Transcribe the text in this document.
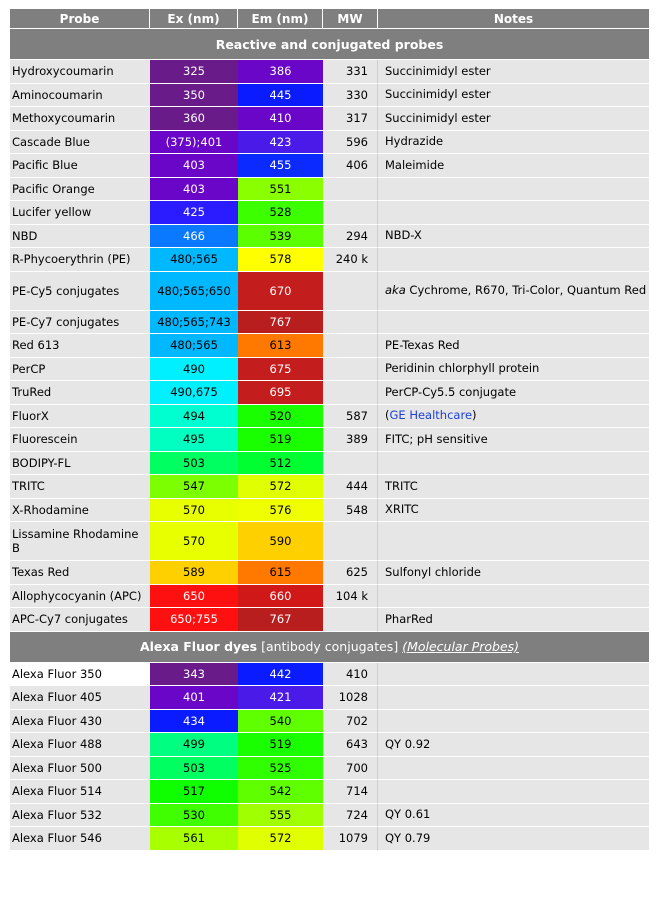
Probe	Ex (nm)	Em (nm)	MW	Notes
Reactive and conjugated probes				

Hydroxycoumarin	325	386	331	Succinimidyl ester

Aminocoumarin	350	445	330	Succinimidyl ester

Methoxycoumarin	360	410	317	Succinimidyl ester

Cascade Blue	(375);401	423	596	Hydrazide

Pacific Blue	403	455	406	Maleimide

Pacific Orange	403	551		

Lucifer yellow	425	528		

NBD	466	539	294	NBD-X

R-Phycoerythrin (PE)	480;565	578	240 k	

PE-Cy5 conjugates	480;565;650	670		aka Cychrome, R670, Tri-Color, Quantum Red

PE-Cy7 conjugates	480;565;743	767		

Red 613	480;565	613		PE-Texas Red

PerCP	490	675		Peridinin chlorphyll protein

TruRed	490,675	695		PerCP-Cy5.5 conjugate

FluorX	494	520	587	(GE Healthcare)

Fluorescein	495	519	389	FITC; pH sensitive

BODIPY-FL	503	512		

TRITC	547	572	444	TRITC

X-Rhodamine	570	576	548	XRITC

Lissamine Rhodamine B	570	590		

Texas Red	589	615	625	Sulfonyl chloride

Allophycocyanin (APC)	650	660	104 k	

APC-Cy7 conjugates	650;755	767		PharRed
Alexa Fluor dyes [antibody conjugates] (Molecular Probes)				

Alexa Fluor 350	343	442	410	

Alexa Fluor 405	401	421	1028	

Alexa Fluor 430	434	540	702	

Alexa Fluor 488	499	519	643	QY 0.92

Alexa Fluor 500	503	525	700	

Alexa Fluor 514	517	542	714	

Alexa Fluor 532	530	555	724	QY 0.61

Alexa Fluor 546	561	572	1079	QY 0.79
